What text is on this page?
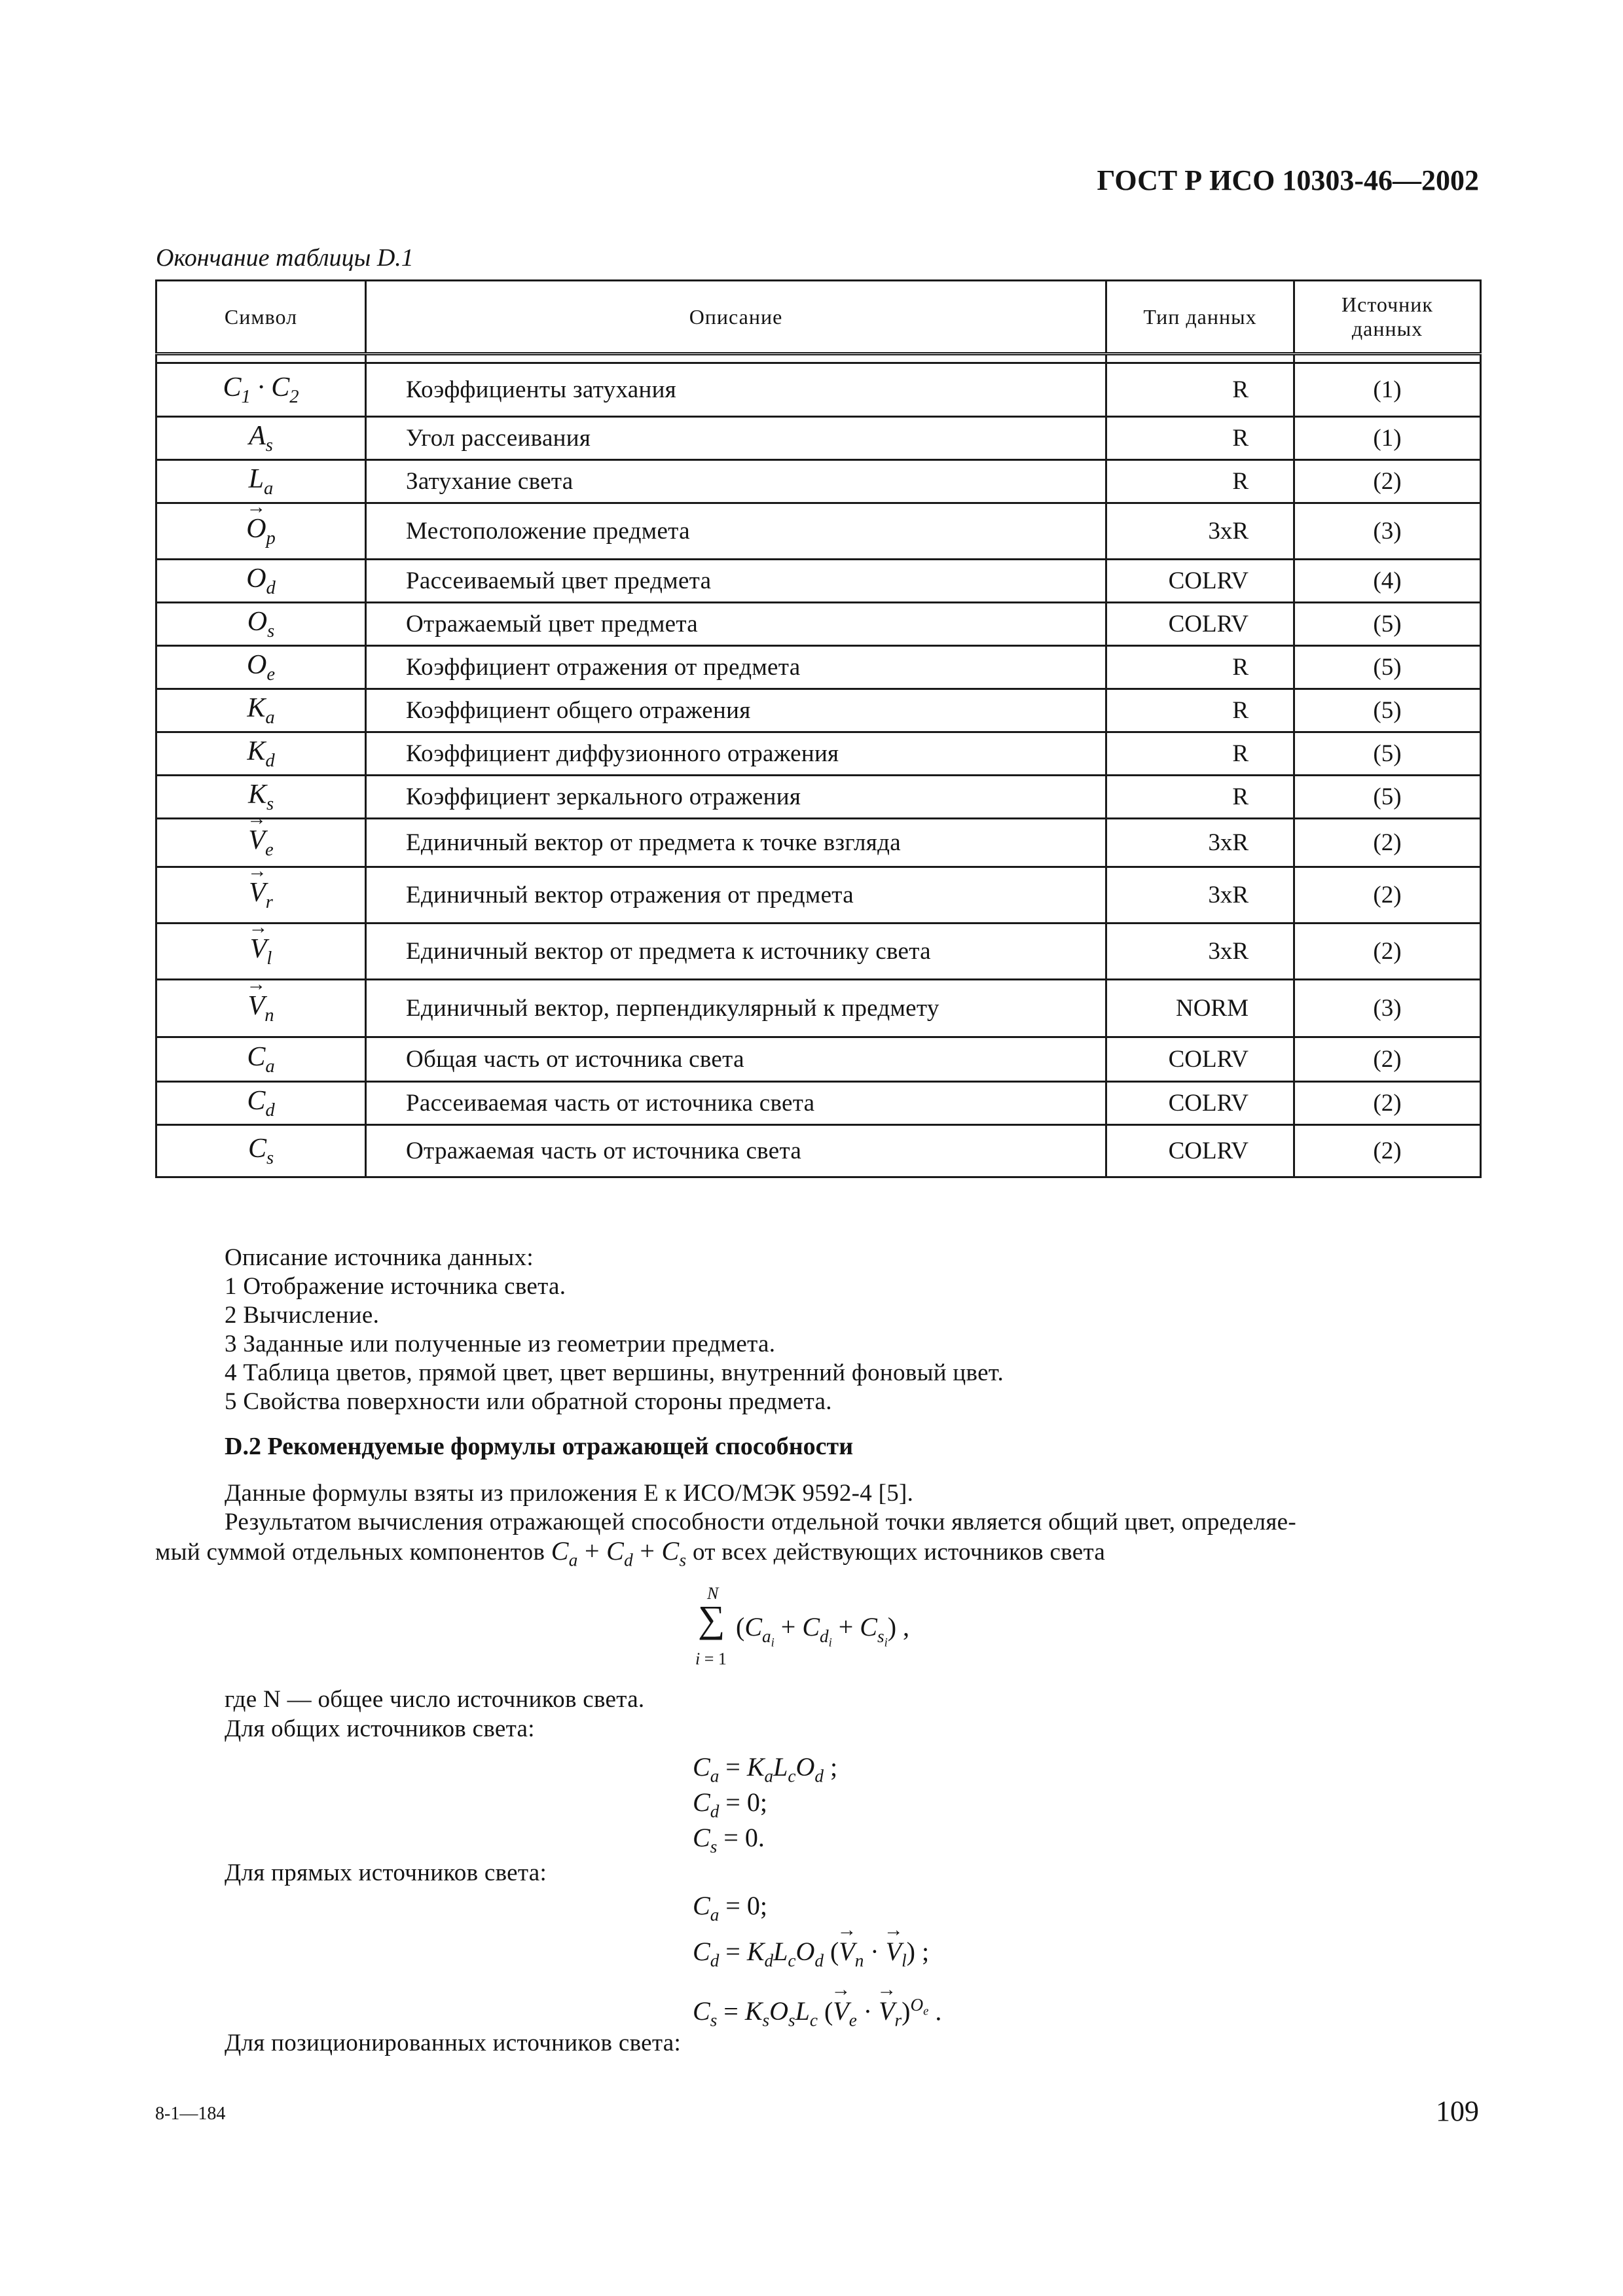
ГОСТ Р ИСО 10303-46—2002
Окончание таблицы D.1
Символ	Описание	Тип данных	Источник
данных

$C_1 \cdot C_2$	Коэффициенты затухания	R	(1)
$A_s$	Угол рассеивания	R	(1)
$L_a$	Затухание света	R	(2)
→ $O_p$	Местоположение предмета	3xR	(3)
$O_d$	Рассеиваемый цвет предмета	COLRV	(4)
$O_s$	Отражаемый цвет предмета	COLRV	(5)
$O_e$	Коэффициент отражения от предмета	R	(5)
$K_a$	Коэффициент общего отражения	R	(5)
$K_d$	Коэффициент диффузионного отражения	R	(5)
$K_s$	Коэффициент зеркального отражения	R	(5)
→ $V_e$	Единичный вектор от предмета к точке взгляда	3xR	(2)
→ $V_r$	Единичный вектор отражения от предмета	3xR	(2)
→ $V_l$	Единичный вектор от предмета к источнику света	3xR	(2)
→ $V_n$	Единичный вектор, перпендикулярный к предмету	NORM	(3)
$C_a$	Общая часть от источника света	COLRV	(2)
$C_d$	Рассеиваемая часть от источника света	COLRV	(2)
$C_s$	Отражаемая часть от источника света	COLRV	(2)
Описание источника данных:
1 Отображение источника света.
2 Вычисление.
3 Заданные или полученные из геометрии предмета.
4 Таблица цветов, прямой цвет, цвет вершины, внутренний фоновый цвет.
5 Свойства поверхности или обратной стороны предмета.
D.2 Рекомендуемые формулы отражающей способности
Данные формулы взяты из приложения Е к ИСО/МЭК 9592-4 [5].
Результатом вычисления отражающей способности отдельной точки является общий цвет, определяе-
мый суммой отдельных компонентов $C_a + C_d + C_s$ от всех действующих источников света
N
∑
i = 1
$(C_{a_i} + C_{d_i} + C_{s_i})$ ,
где N — общее число источников света.
Для общих источников света:
$C_a = K_aL_cO_d$ ;
$C_d = 0$;
$C_s = 0$.
Для прямых источников света:
$C_a = 0$;
$C_d = K_dL_cO_d$ (→ $V_n$ · → $V_l$) ;
$C_s = K_sO_sL_c$ (→ $V_e$ · → $V_r)^{O_e}$ .
Для позиционированных источников света:
8-1—184	109
